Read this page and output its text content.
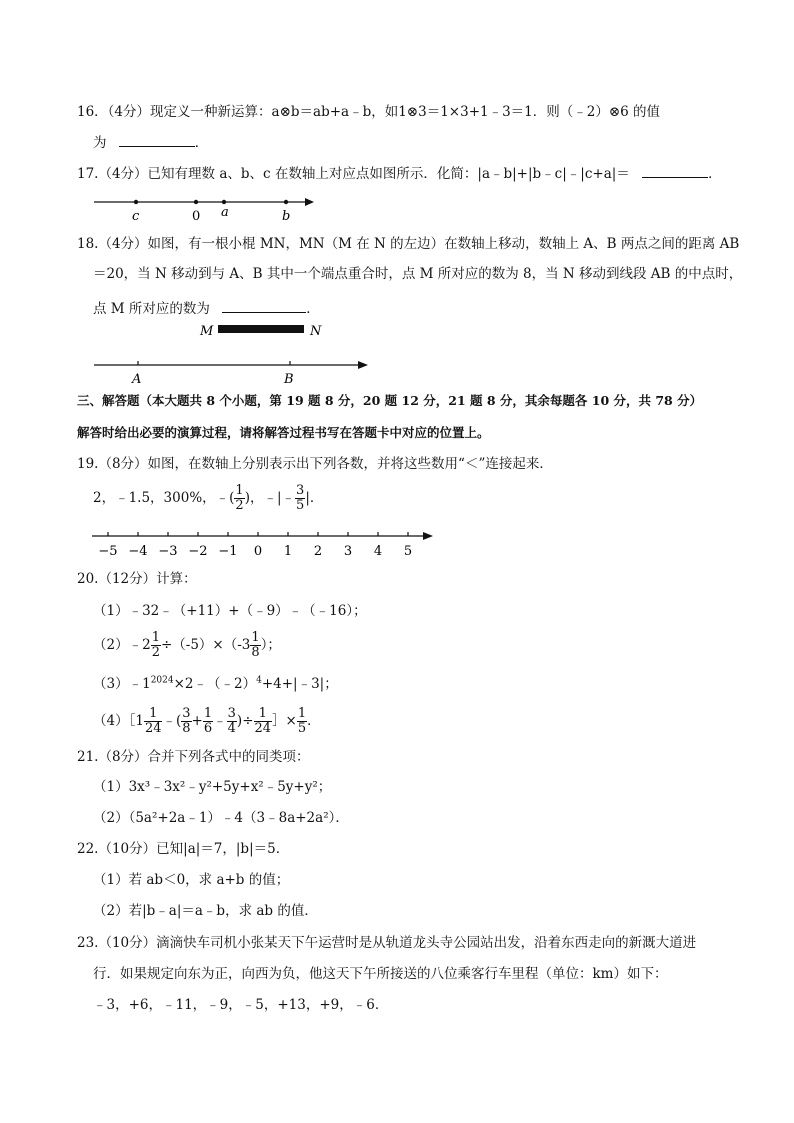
16．（4分）现定义一种新运算：a⊗b＝ab+a﹣b，如1⊗3＝1×3+1﹣3＝1．则（﹣2）⊗6 的值
为	．
17.（4分）已知有理数 a、b、c 在数轴上对应点如图所示．化简：|a﹣b|+|b﹣c|﹣|c+a|＝	．
c	0 a	b
18.（4分）如图，有一根小棍 MN，MN（M 在 N 的左边）在数轴上移动，数轴上 A、B 两点之间的距离 AB
＝20，当 N 移动到与 A、B 其中一个端点重合时，点 M 所对应的数为 8，当 N 移动到线段 AB 的中点时，
点 M 所对应的数为	．
M	N
A	B
三、解答题（本大题共 8 个小题，第 19 题 8 分，20 题 12 分，21 题 8 分，其余每题各 10 分，共 78 分）
解答时给出必要的演算过程，请将解答过程书写在答题卡中对应的位置上。
19.（8分）如图，在数轴上分别表示出下列各数，并将这些数用“＜”连接起来．
2，﹣1.5，300%，﹣( $\frac{1}{2}$ )，﹣|﹣ $\frac{3}{5}$ |．
−5 −4 −3 −2 −1 0 1 2 3 4 5
20.（12分）计算：
（1）﹣32﹣（+11）+（﹣9）﹣（﹣16）；
（2）﹣2 $\frac{1}{2} \div(-5)\times(-3 \frac{1}{8}$ ）；
$(3)﹣1^{2024}\times 2﹣(﹣2)^4+4+|﹣3|$；
（4）［1 $\frac{1}{24}$ ﹣( $\frac{3}{8} + \frac{1}{6}$ ﹣ $\frac{3}{4}$ )÷ $\frac{1}{24}$ ］× $\frac{1}{5}$ ．
21.（8分）合并下列各式中的同类项：
（1）3x³﹣3x²﹣y²+5y+x²﹣5y+y²；
（2）（5a²+2a﹣1）﹣4（3﹣8a+2a²）．
22.（10分）已知|a|＝7，|b|＝5．
（1）若 ab＜0，求 a+b 的值；
（2）若|b﹣a|＝a﹣b，求 ab 的值．
23.（10分）滴滴快车司机小张某天下午运营时是从轨道龙头寺公园站出发，沿着东西走向的新溉大道进
行．如果规定向东为正，向西为负，他这天下午所接送的八位乘客行车里程（单位：km）如下：
﹣3，+6，﹣11，﹣9，﹣5，+13，+9，﹣6．
